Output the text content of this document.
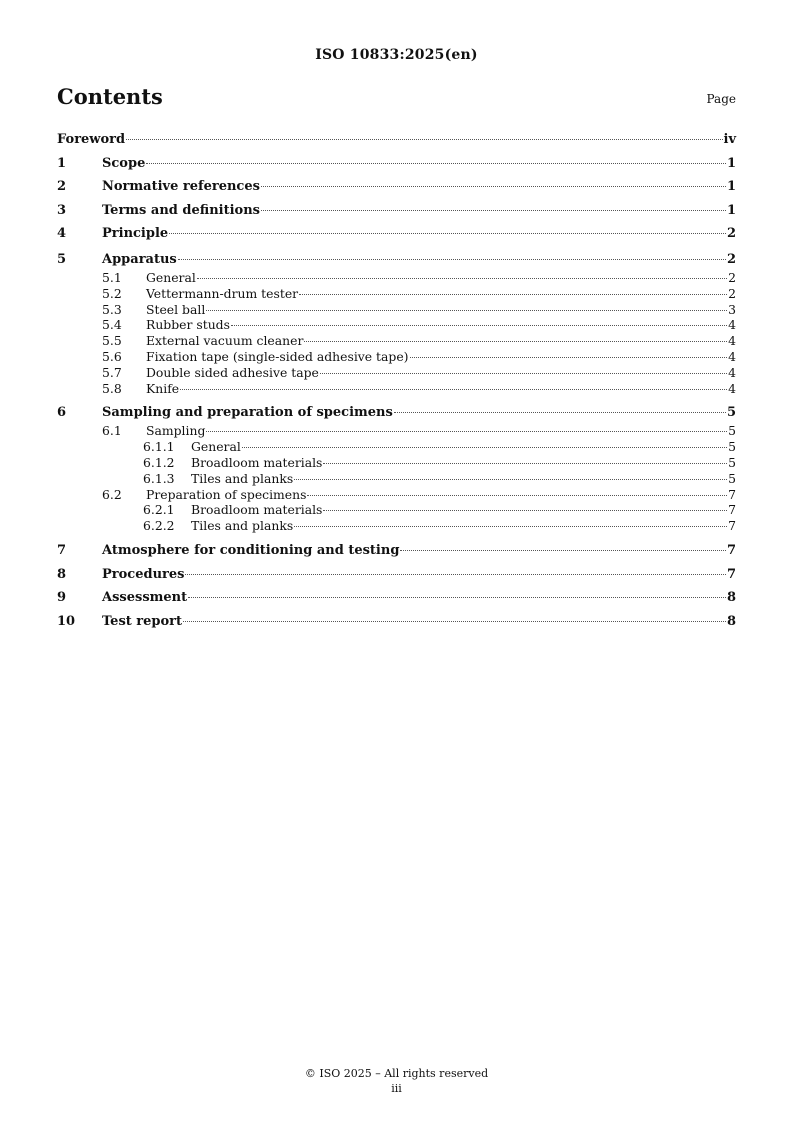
ISO 10833:2025(en)
Contents	Page
Foreword	iv
1	Scope	1
2	Normative references	1
3	Terms and definitions	1
4	Principle	2
5	Apparatus	2
5.1	General	2
5.2	Vettermann-drum tester	2
5.3	Steel ball	3
5.4	Rubber studs	4
5.5	External vacuum cleaner	4
5.6	Fixation tape (single-sided adhesive tape)	4
5.7	Double sided adhesive tape	4
5.8	Knife	4
6	Sampling and preparation of specimens	5
6.1	Sampling	5
6.1.1	General	5
6.1.2	Broadloom materials	5
6.1.3	Tiles and planks	5
6.2	Preparation of specimens	7
6.2.1	Broadloom materials	7
6.2.2	Tiles and planks	7
7	Atmosphere for conditioning and testing	7
8	Procedures	7
9	Assessment	8
10	Test report	8
© ISO 2025 – All rights reserved
iii
